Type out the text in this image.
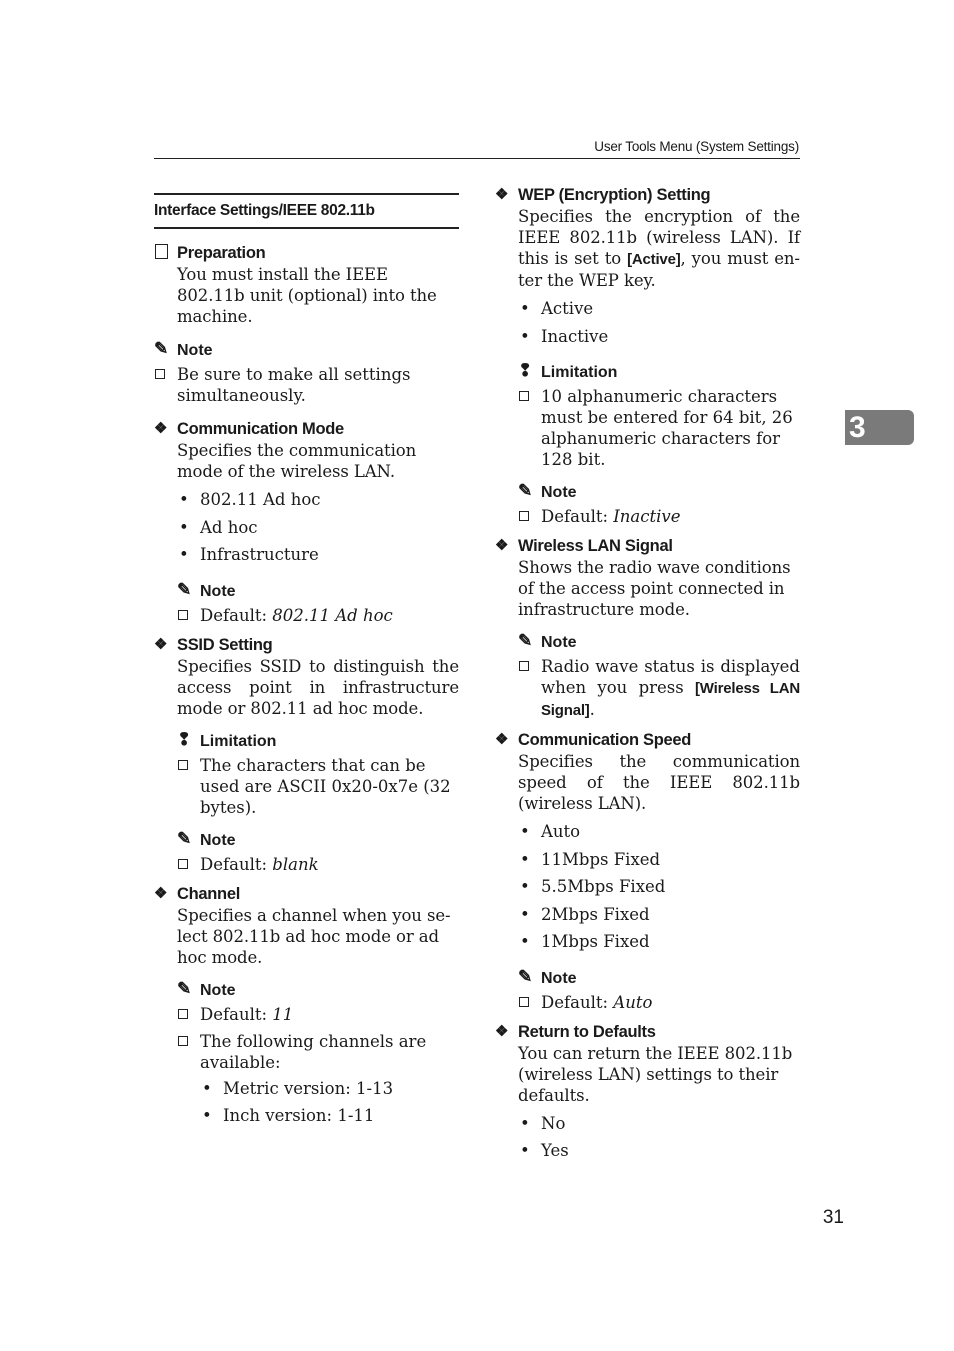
User Tools Menu (System Settings)
3
31
Interface Settings/IEEE 802.11b
Preparation
You must install the IEEE 802.11b unit (optional) into the machine.
✎ Note
Be sure to make all settings simultaneously.
❖ Communication Mode
Specifies the communication mode of the wireless LAN.
• 802.11 Ad hoc
• Ad hoc
• Infrastructure
✎ Note
Default: 802.11 Ad hoc
❖ SSID Setting
Specifies SSID to distinguish the access point in infrastructure mode or 802.11 ad hoc mode.
❢ Limitation
The characters that can be used are ASCII 0x20-0x7e (32 bytes).
✎ Note
Default: blank
❖ Channel
Specifies a channel when you select 802.11b ad hoc mode or ad hoc mode.
✎ Note
Default: 11
The following channels are available:
• Metric version: 1-13
• Inch version: 1-11
❖ WEP (Encryption) Setting
Specifies the encryption of the IEEE 802.11b (wireless LAN). If this is set to [Active], you must enter the WEP key.
• Active
• Inactive
❢ Limitation
10 alphanumeric characters must be entered for 64 bit, 26 alphanumeric characters for 128 bit.
✎ Note
Default: Inactive
❖ Wireless LAN Signal
Shows the radio wave conditions of the access point connected in infrastructure mode.
✎ Note
Radio wave status is displayed when you press [Wireless LAN Signal].
❖ Communication Speed
Specifies the communication speed of the IEEE 802.11b (wireless LAN).
• Auto
• 11Mbps Fixed
• 5.5Mbps Fixed
• 2Mbps Fixed
• 1Mbps Fixed
✎ Note
Default: Auto
❖ Return to Defaults
You can return the IEEE 802.11b (wireless LAN) settings to their defaults.
• No
• Yes
